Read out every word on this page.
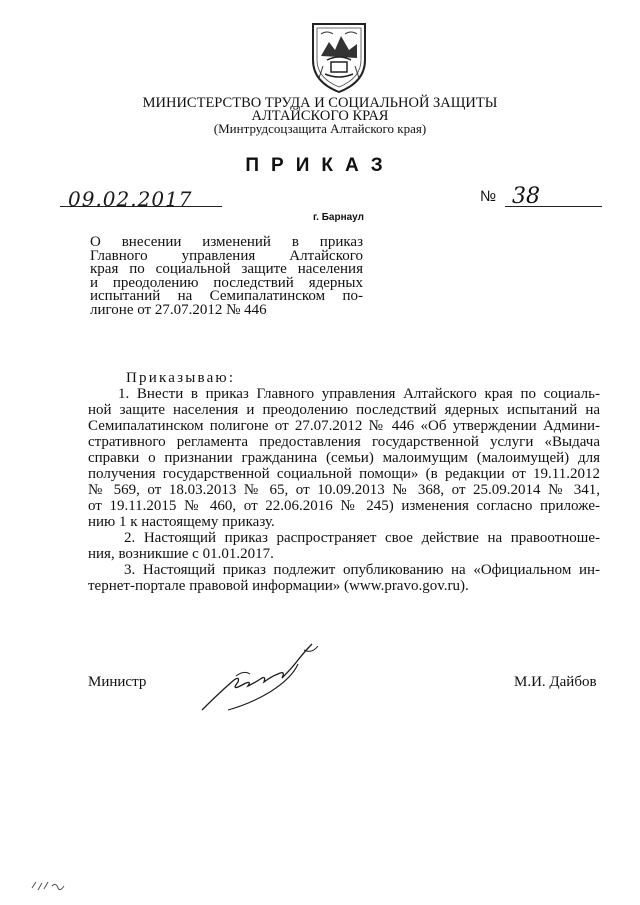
МИНИСТЕРСТВО ТРУДА И СОЦИАЛЬНОЙ ЗАЩИТЫ
АЛТАЙСКОГО КРАЯ
(Минтрудсоцзащита Алтайского края)
ПРИКАЗ
09.02.2017	№ 38
г. Барнаул
О внесении изменений в приказ
Главного управления Алтайского
края по социальной защите населения
и преодолению последствий ядерных
испытаний на Семипалатинском по-
лигоне от 27.07.2012 № 446
Приказываю:
1. Внести в приказ Главного управления Алтайского края по социаль-
ной защите населения и преодолению последствий ядерных испытаний на
Семипалатинском полигоне от 27.07.2012 № 446 «Об утверждении Админи-
стративного регламента предоставления государственной услуги «Выдача
справки о признании гражданина (семьи) малоимущим (малоимущей) для
получения государственной социальной помощи» (в редакции от 19.11.2012
№ 569, от 18.03.2013 № 65, от 10.09.2013 № 368, от 25.09.2014 № 341,
от 19.11.2015 № 460, от 22.06.2016 № 245) изменения согласно приложе-
нию 1 к настоящему приказу.
2. Настоящий приказ распространяет свое действие на правоотноше-
ния, возникшие с 01.01.2017.
3. Настоящий приказ подлежит опубликованию на «Официальном ин-
тернет-портале правовой информации» (www.pravo.gov.ru).
Министр	М.И. Дайбов
